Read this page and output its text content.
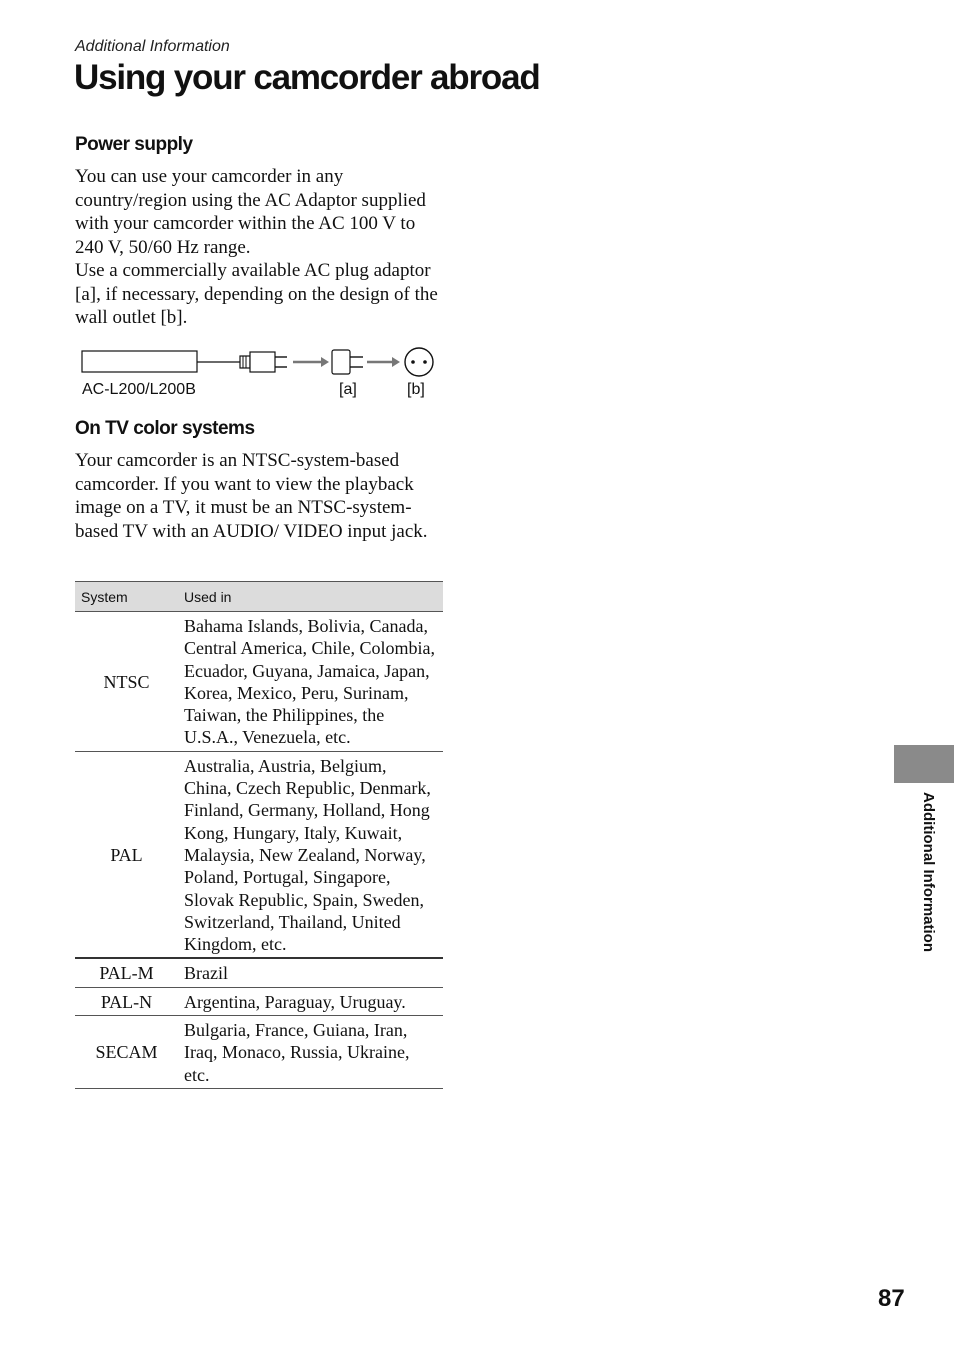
Additional Information
Using your camcorder abroad
Power supply

You can use your camcorder in any country/region using the AC Adaptor supplied with your camcorder within the AC 100 V to 240 V, 50/60 Hz range.

Use a commercially available AC plug adaptor [a], if necessary, depending on the design of the wall outlet [b].

AC-L200/L200B	[a]	[b]
On TV color systems

Your camcorder is an NTSC-system-based camcorder. If you want to view the playback image on a TV, it must be an NTSC-system-based TV with an AUDIO/ VIDEO input jack.

System	Used in
NTSC	Bahama Islands, Bolivia, Canada, Central America, Chile, Colombia, Ecuador, Guyana, Jamaica, Japan, Korea, Mexico, Peru, Surinam, Taiwan, the Philippines, the U.S.A., Venezuela, etc.
PAL	Australia, Austria, Belgium, China, Czech Republic, Denmark, Finland, Germany, Holland, Hong Kong, Hungary, Italy, Kuwait, Malaysia, New Zealand, Norway, Poland, Portugal, Singapore, Slovak Republic, Spain, Sweden, Switzerland, Thailand, United Kingdom, etc.
PAL-M	Brazil
PAL-N	Argentina, Paraguay, Uruguay.
SECAM	Bulgaria, France, Guiana, Iran, Iraq, Monaco, Russia, Ukraine, etc.
Additional Information
87
